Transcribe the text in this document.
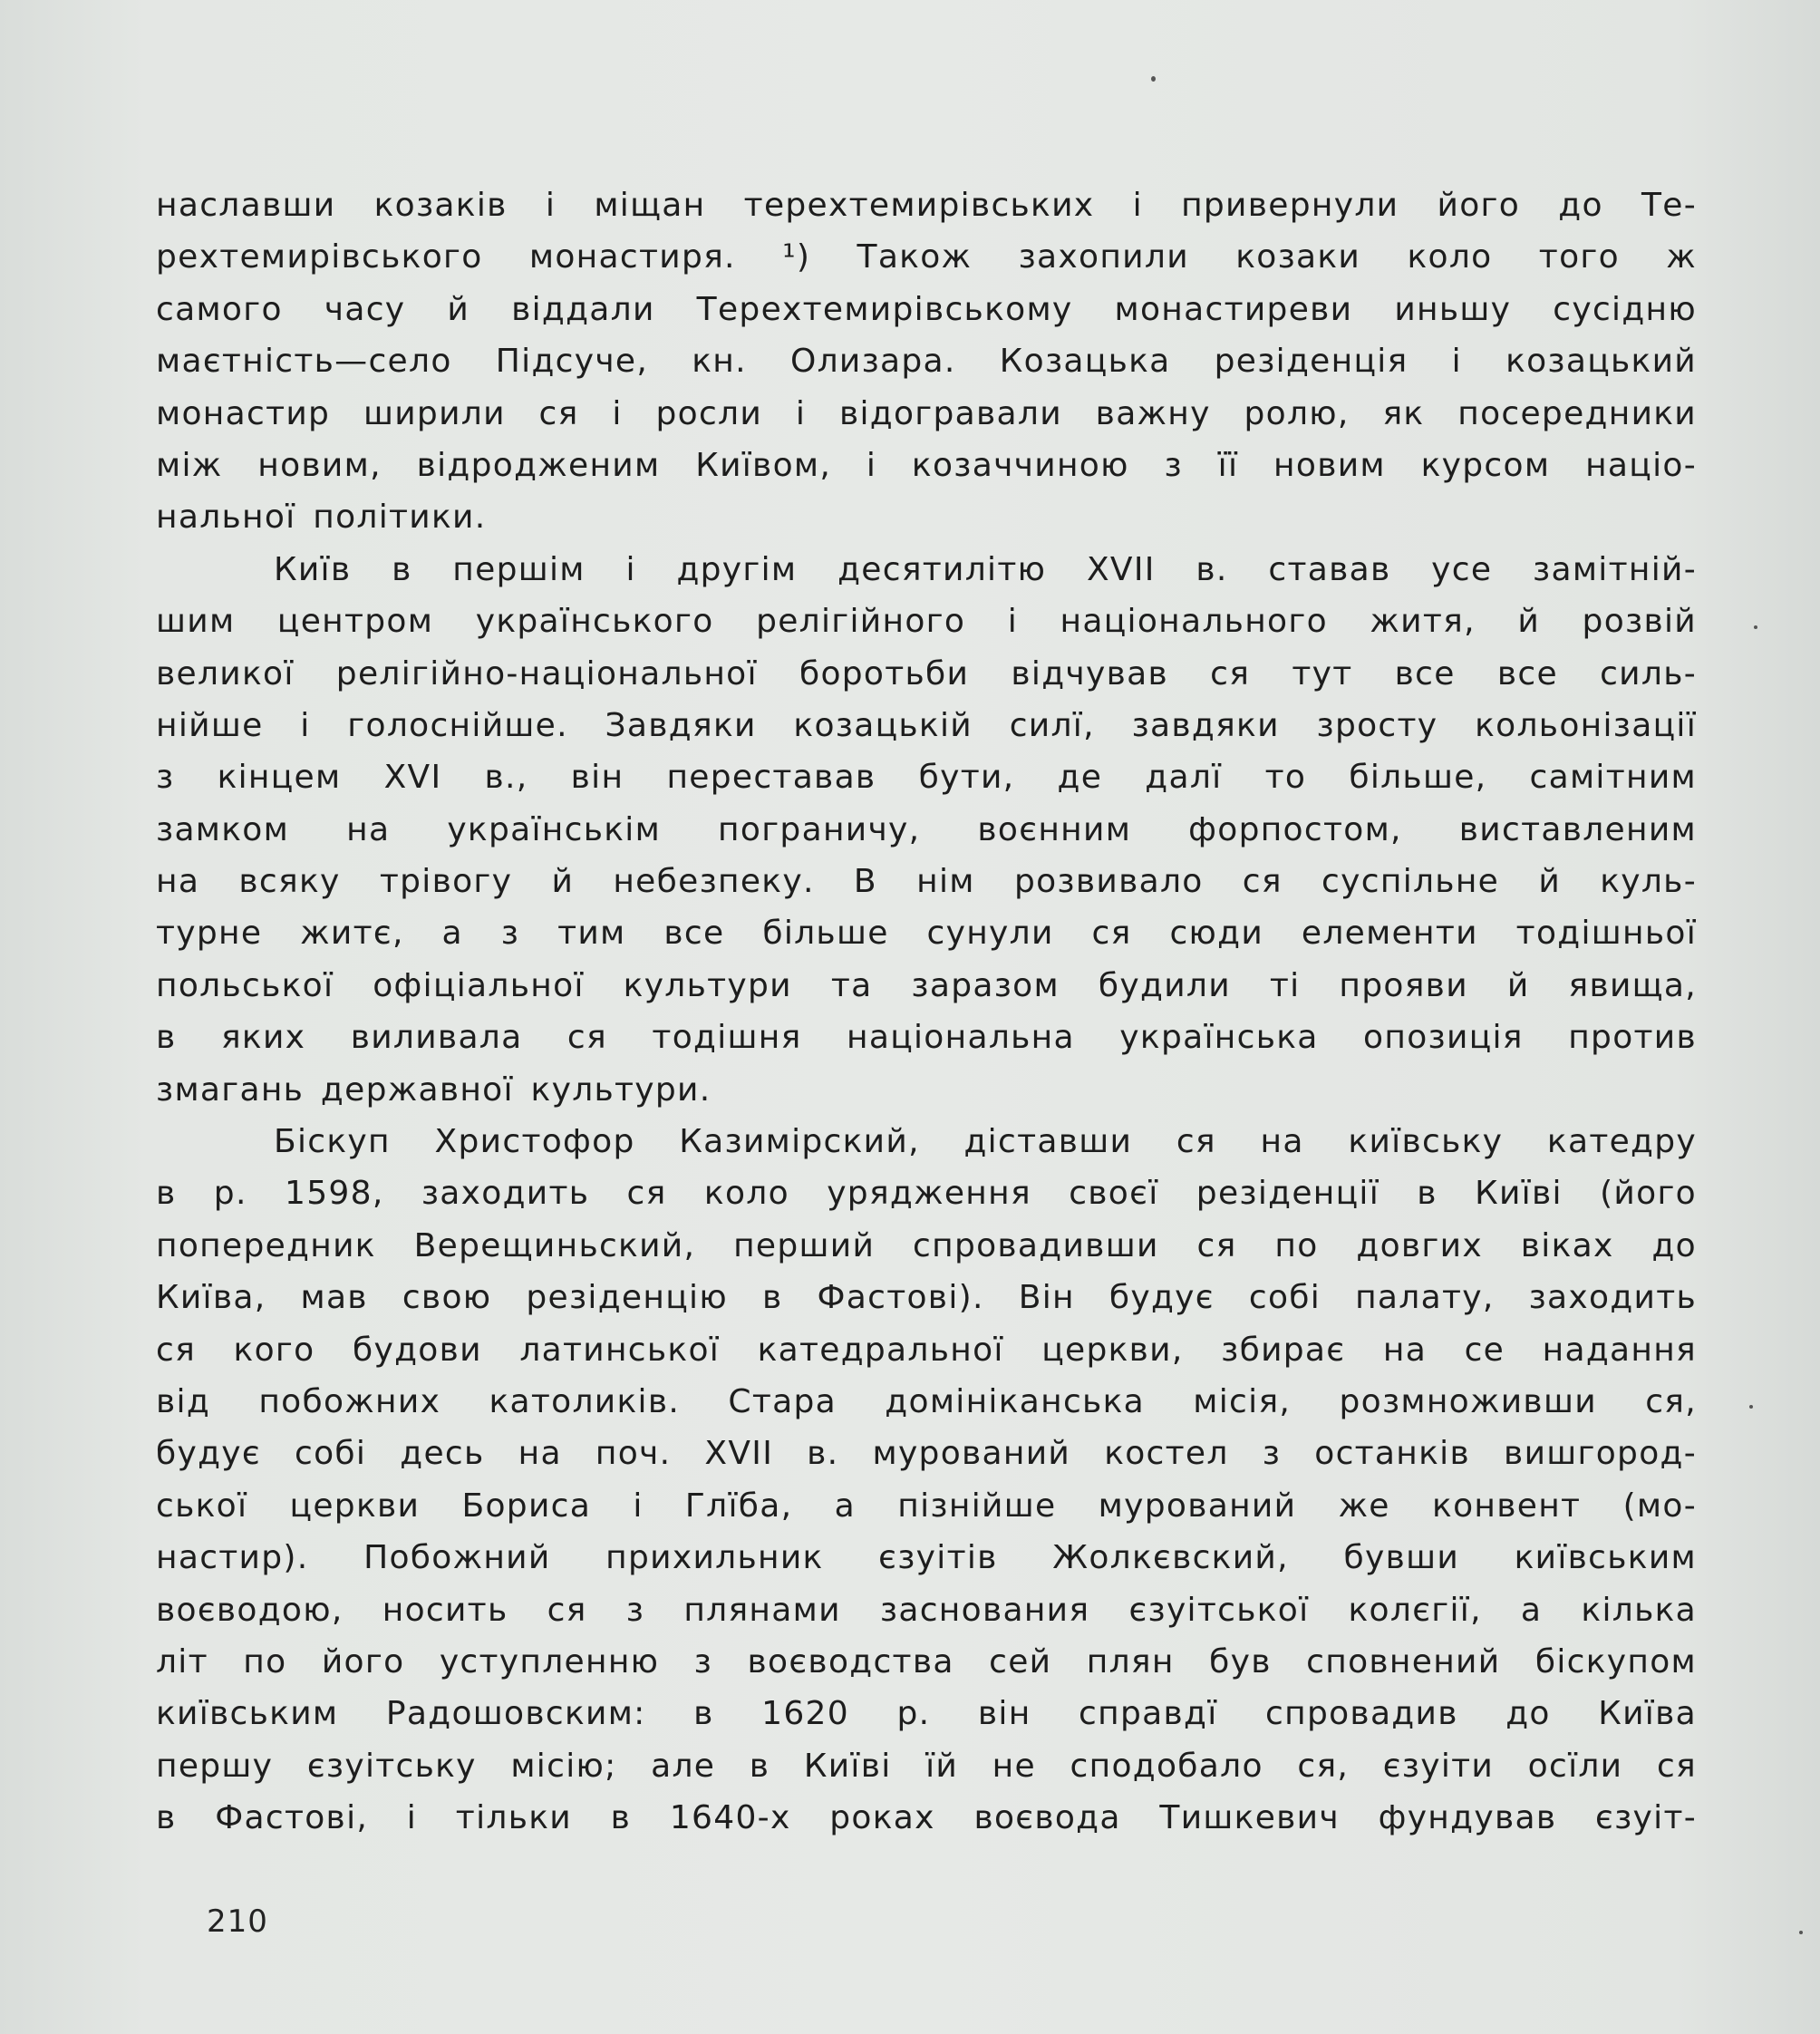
наславши козаків і міщан терехтемирівських і привернули його до Те-
рехтемирівського монастиря. ¹) Також захопили козаки коло того ж
самого часу й віддали Терехтемирівському монастиреви иньшу сусідню
маєтність—село Підсуче, кн. Олизара. Козацька резіденція і козацький
монастир ширили ся і росли і відогравали важну ролю, як посередники
між новим, відродженим Київом, і козаччиною з її новим курсом націо-
нальної політики.
Київ в першім і другім десятилітю XVII в. ставав усе замітній-
шим центром українського релігійного і національного житя, й розвій
великої релігійно-національної боротьби відчував ся тут все все силь-
нійше і голоснійше. Завдяки козацькій силї, завдяки зросту кольонізації
з кінцем XVI в., він переставав бути, де далї то більше, самітним
замком на українськім пограничу, воєнним форпостом, виставленим
на всяку трівогу й небезпеку. В нім розвивало ся суспільне й куль-
турне житє, а з тим все більше сунули ся сюди елементи тодішньої
польської офіціальної культури та заразом будили ті прояви й явища,
в яких виливала ся тодішня національна українська опозиція против
змагань державної культури.
Біскуп Христофор Казимірский, діставши ся на київську катедру
в р. 1598, заходить ся коло урядження своєї резіденції в Київі (його
попередник Верещиньский, перший спровадивши ся по довгих віках до
Київа, мав свою резіденцію в Фастові). Він будує собі палату, заходить
ся кого будови латинської катедральної церкви, збирає на се надання
від побожних католиків. Стара домініканська місія, розмноживши ся,
будує собі десь на поч. XVII в. мурований костел з останків вишгород-
ської церкви Бориса і Глїба, а пізнійше мурований же конвент (мо-
настир). Побожний прихильник єзуітів Жолкєвский, бувши київським
воєводою, носить ся з плянами заснования єзуітської колєгії, а кілька
літ по його уступленню з воєводства сей плян був сповнений біскупом
київським Радошовским: в 1620 р. він справдї спровадив до Київа
першу єзуітську місію; але в Київі їй не сподобало ся, єзуіти осїли ся
в Фастові, і тільки в 1640-х роках воєвода Тишкевич фундував єзуіт-
210
